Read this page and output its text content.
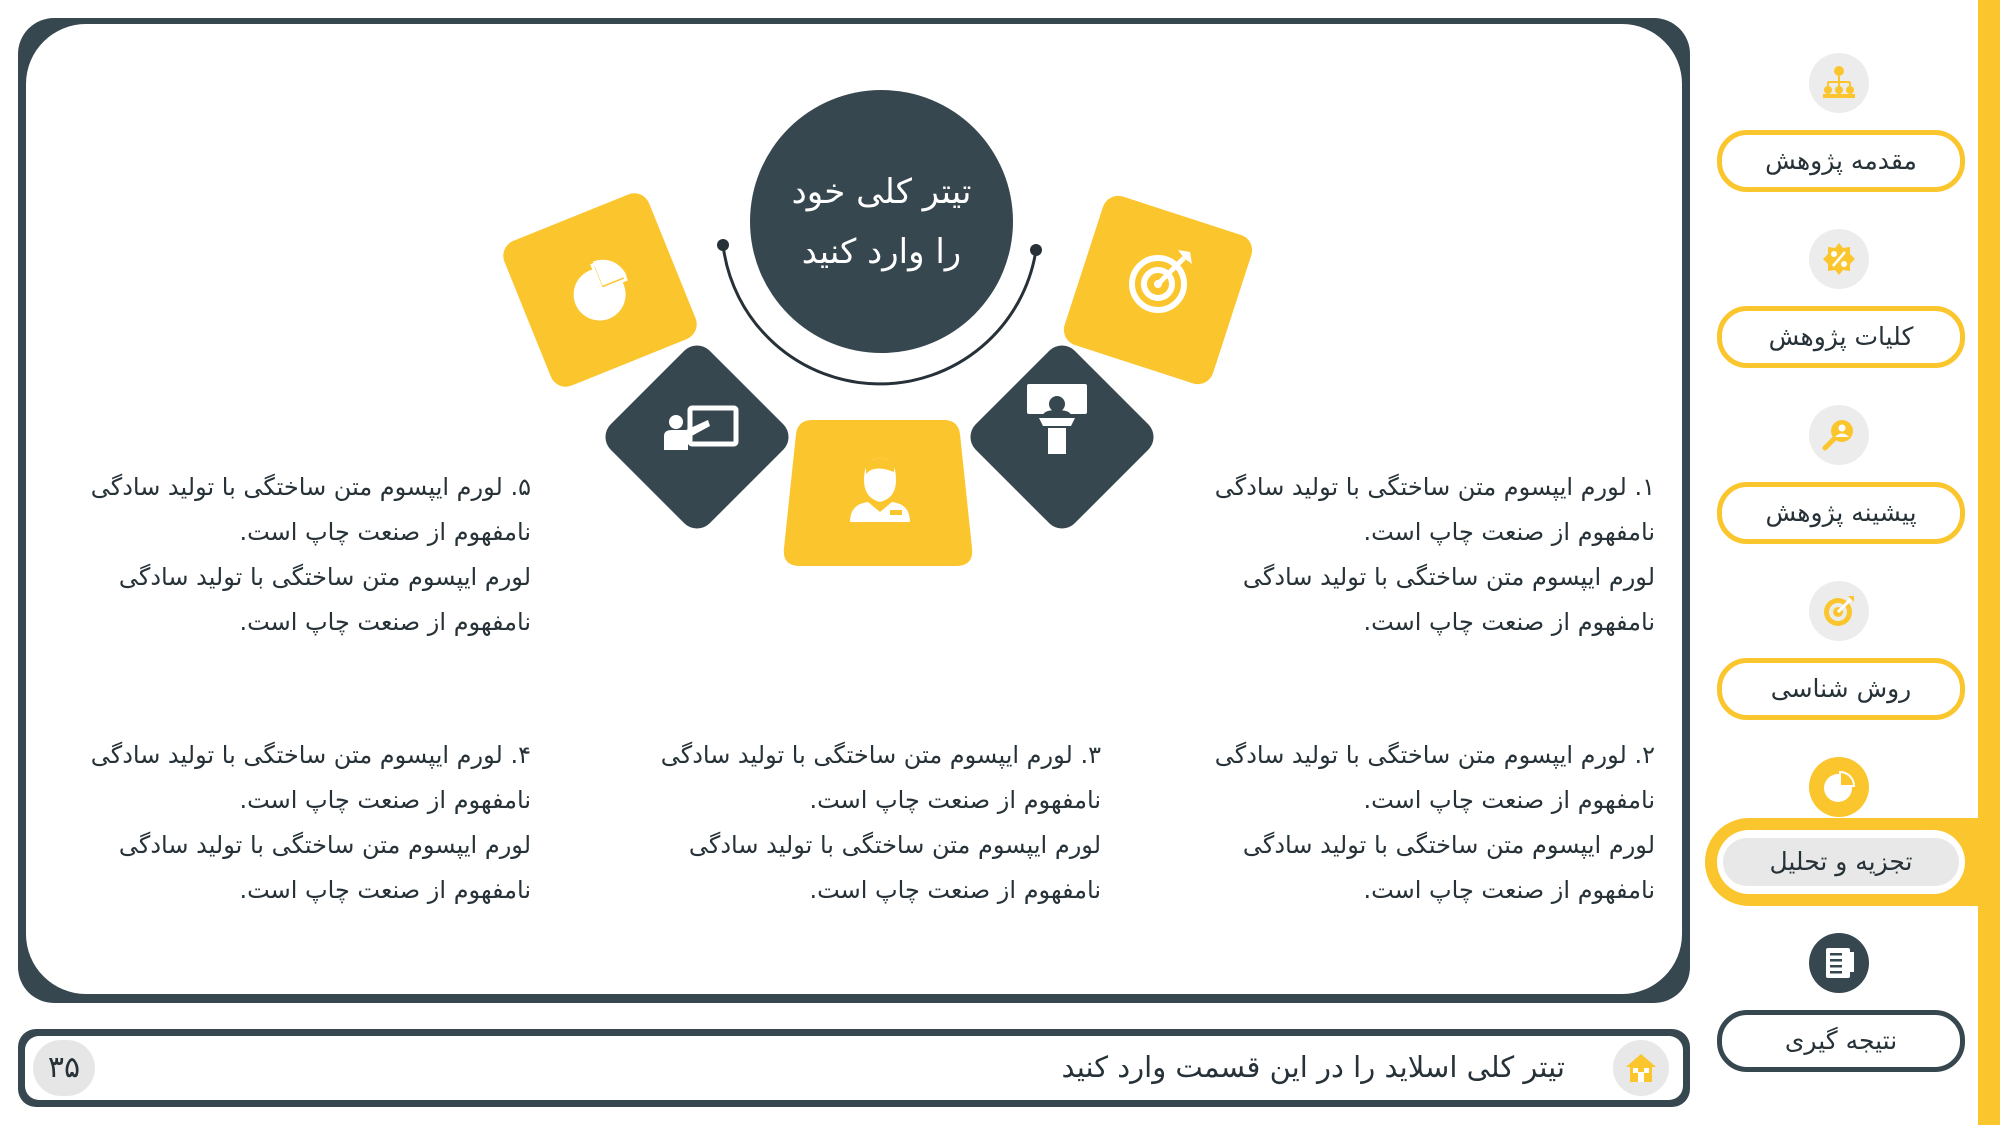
تیتر کلی خود
را وارد کنید

۱. لورم ایپسوم متن ساختگی با تولید سادگی

نامفهوم از صنعت چاپ است.

لورم ایپسوم متن ساختگی با تولید سادگی

نامفهوم از صنعت چاپ است.

۵. لورم ایپسوم متن ساختگی با تولید سادگی

نامفهوم از صنعت چاپ است.

لورم ایپسوم متن ساختگی با تولید سادگی

نامفهوم از صنعت چاپ است.

۲. لورم ایپسوم متن ساختگی با تولید سادگی

نامفهوم از صنعت چاپ است.

لورم ایپسوم متن ساختگی با تولید سادگی

نامفهوم از صنعت چاپ است.

۳. لورم ایپسوم متن ساختگی با تولید سادگی

نامفهوم از صنعت چاپ است.

لورم ایپسوم متن ساختگی با تولید سادگی

نامفهوم از صنعت چاپ است.

۴. لورم ایپسوم متن ساختگی با تولید سادگی

نامفهوم از صنعت چاپ است.

لورم ایپسوم متن ساختگی با تولید سادگی

نامفهوم از صنعت چاپ است.

تیتر کلی اسلاید را در این قسمت وارد کنید
۳۵
مقدمه پژوهش
کلیات پژوهش
پیشینه پژوهش
روش شناسی
تجزیه و تحلیل
نتیجه گیری
